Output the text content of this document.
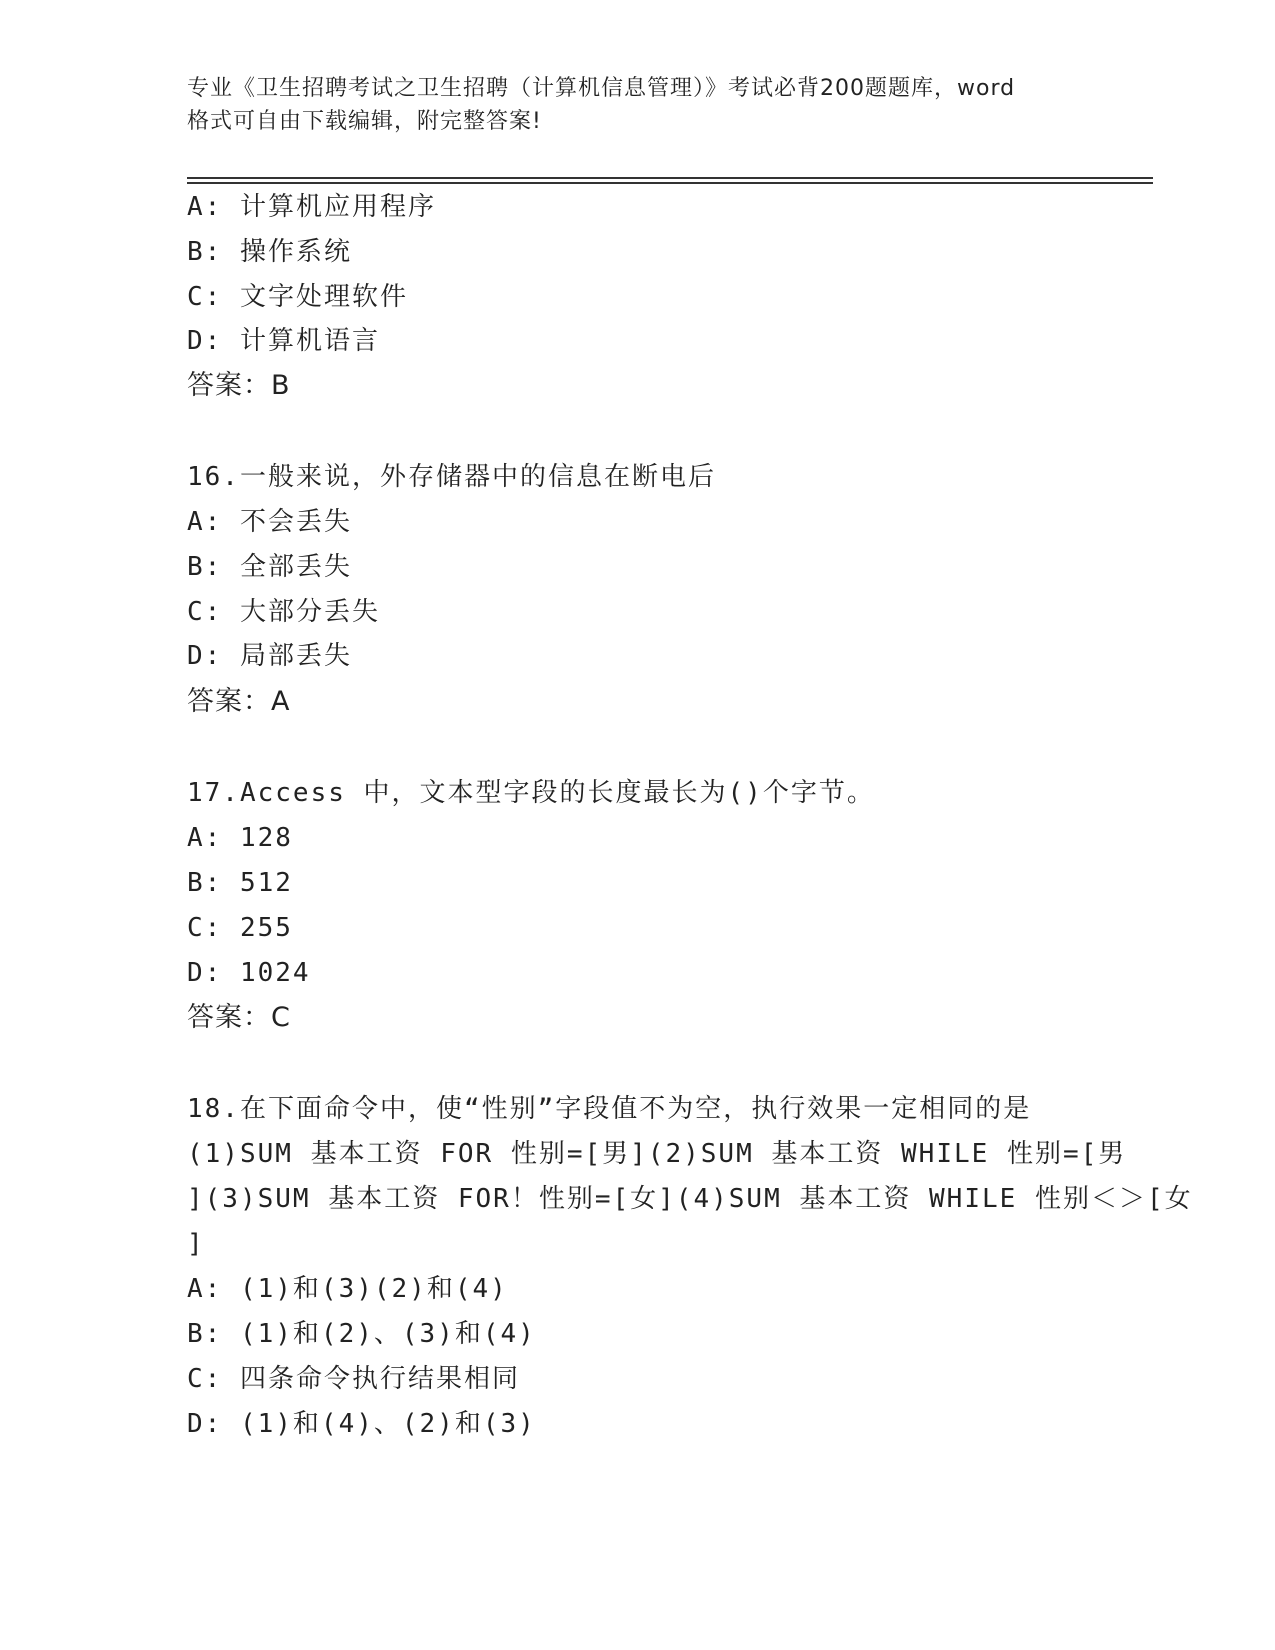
专业《卫生招聘考试之卫生招聘（计算机信息管理）》考试必背200题题库，word
格式可自由下载编辑，附完整答案!
A: 计算机应用程序
B: 操作系统
C: 文字处理软件
D: 计算机语言
答案：B
16.一般来说，外存储器中的信息在断电后
A: 不会丢失
B: 全部丢失
C: 大部分丢失
D: 局部丢失
答案：A
17.Access 中，文本型字段的长度最长为()个字节。
A: 128
B: 512
C: 255
D: 1024
答案：C
18.在下面命令中，使“性别”字段值不为空，执行效果一定相同的是
(1)SUM 基本工资 FOR 性别=[男](2)SUM 基本工资 WHILE 性别=[男
](3)SUM 基本工资 FOR！性别=[女](4)SUM 基本工资 WHILE 性别＜＞[女
]
A: (1)和(3)(2)和(4)
B: (1)和(2)、(3)和(4)
C: 四条命令执行结果相同
D: (1)和(4)、(2)和(3)
